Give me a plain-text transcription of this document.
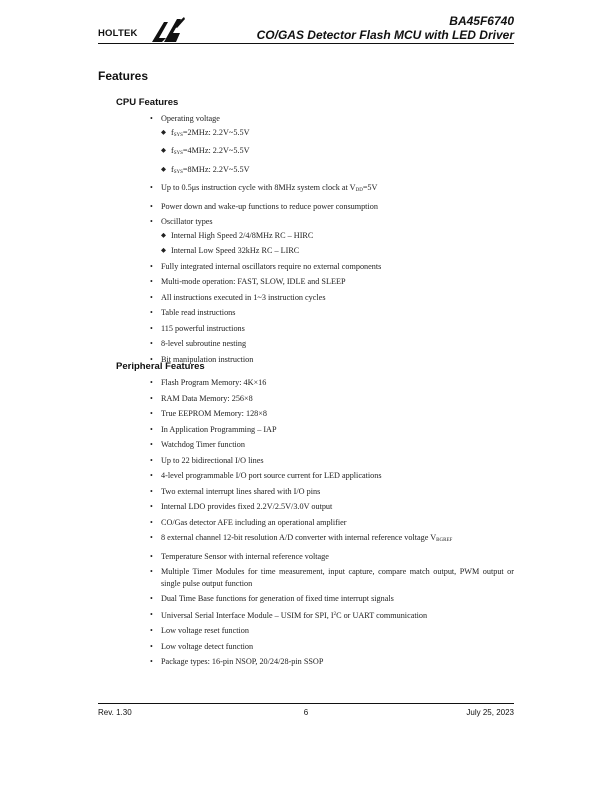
HOLTEK
BA45F6740
CO/GAS Detector Flash MCU with LED Driver
Features
CPU Features
• Operating voltage
◆ $f_{SYS}=2MHz$: 2.2V~5.5V
◆ $f_{SYS}=4MHz$: 2.2V~5.5V
◆ $f_{SYS}=8MHz$: 2.2V~5.5V
• Up to 0.5μs instruction cycle with 8MHz system clock at $V_{DD}=5V$
• Power down and wake-up functions to reduce power consumption
• Oscillator types
◆ Internal High Speed 2/4/8MHz RC – HIRC
◆ Internal Low Speed 32kHz RC – LIRC
• Fully integrated internal oscillators require no external components
• Multi-mode operation: FAST, SLOW, IDLE and SLEEP
• All instructions executed in 1~3 instruction cycles
• Table read instructions
• 115 powerful instructions
• 8-level subroutine nesting
• Bit manipulation instruction
Peripheral Features
• Flash Program Memory: 4K×16
• RAM Data Memory: 256×8
• True EEPROM Memory: 128×8
• In Application Programming – IAP
• Watchdog Timer function
• Up to 22 bidirectional I/O lines
• 4-level programmable I/O port source current for LED applications
• Two external interrupt lines shared with I/O pins
• Internal LDO provides fixed 2.2V/2.5V/3.0V output
• CO/Gas detector AFE including an operational amplifier
• 8 external channel 12-bit resolution A/D converter with internal reference voltage $V_{BGREF}$
• Temperature Sensor with internal reference voltage
• Multiple Timer Modules for time measurement, input capture, compare match output, PWM output or single pulse output function
• Dual Time Base functions for generation of fixed time interrupt signals
• Universal Serial Interface Module – USIM for SPI, $I^2C$ or UART communication
• Low voltage reset function
• Low voltage detect function
• Package types: 16-pin NSOP, 20/24/28-pin SSOP
Rev. 1.30	6	July 25, 2023
